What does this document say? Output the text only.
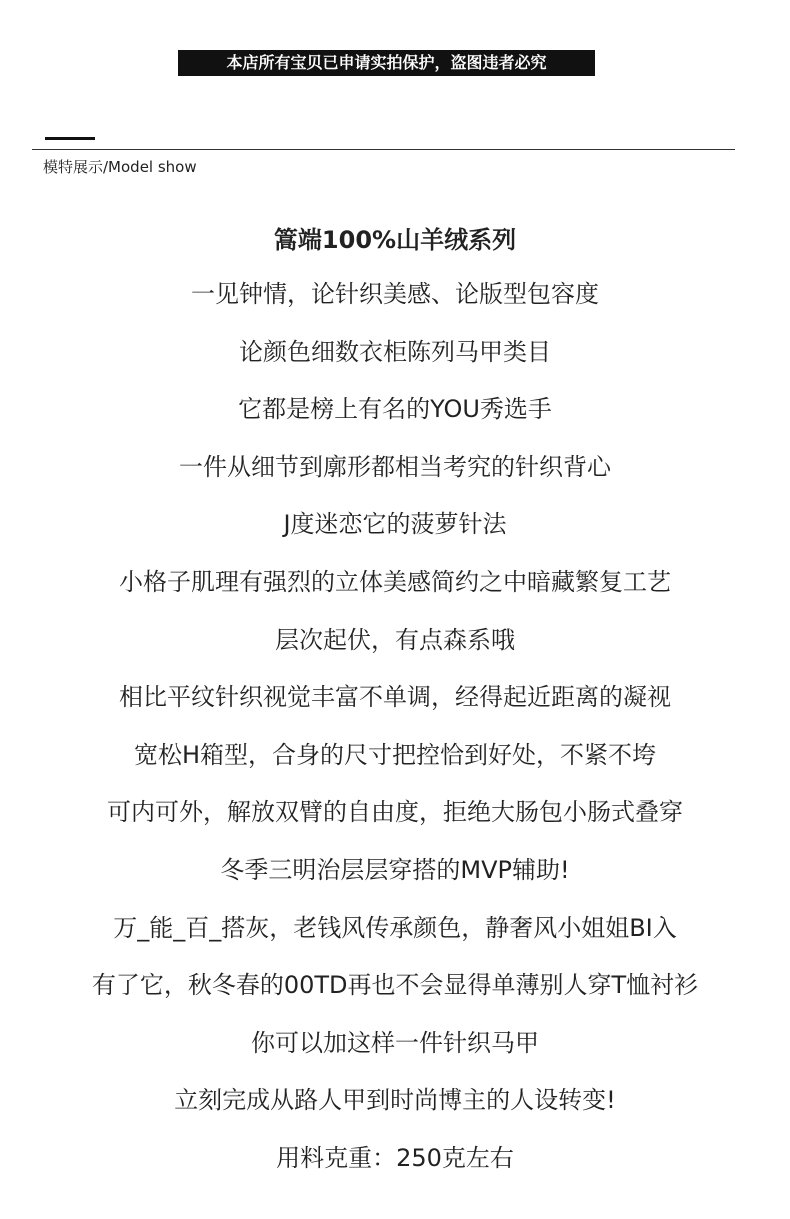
本店所有宝贝已申请实拍保护，盗图违者必究
模特展示/Model show
篙端100%山羊绒系列
一见钟情，论针织美感、论版型包容度
论颜色细数衣柜陈列马甲类目
它都是榜上有名的YOU秀选手
一件从细节到廓形都相当考究的针织背心
J度迷恋它的菠萝针法
小格子肌理有强烈的立体美感简约之中暗藏繁复工艺
层次起伏，有点森系哦
相比平纹针织视觉丰富不单调，经得起近距离的凝视
宽松H箱型，合身的尺寸把控恰到好处，不紧不垮
可内可外，解放双臂的自由度，拒绝大肠包小肠式叠穿
冬季三明治层层穿搭的MVP辅助!
万_能_百_搭灰，老钱风传承颜色，静奢风小姐姐BI入
有了它，秋冬春的00TD再也不会显得单薄别人穿T恤衬衫
你可以加这样一件针织马甲
立刻完成从路人甲到时尚博主的人设转变!
用料克重：250克左右
